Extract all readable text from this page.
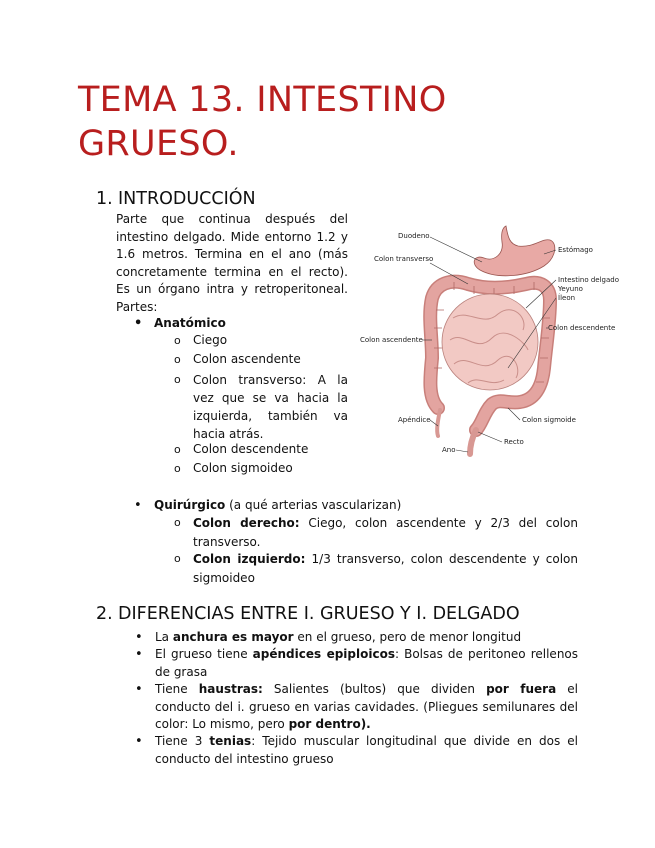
TEMA 13. INTESTINO GRUESO.
1. INTRODUCCIÓN
Parte que continua después del intestino delgado. Mide entorno 1.2 y 1.6 metros. Termina en el ano (más concretamente termina en el recto). Es un órgano intra y retroperitoneal. Partes:
• Anatómico
o Ciego
o Colon ascendente
o Colon transverso: A la vez que se va hacia la izquierda, también va hacia atrás.
o Colon descendente
o Colon sigmoideo
• Quirúrgico (a qué arterias vascularizan)
o Colon derecho: Ciego, colon ascendente y 2/3 del colon transverso.
o Colon izquierdo: 1/3 transverso, colon descendente y colon sigmoideo
2. DIFERENCIAS ENTRE I. GRUESO Y I. DELGADO
• La anchura es mayor en el grueso, pero de menor longitud
• El grueso tiene apéndices epiploicos: Bolsas de peritoneo rellenos de grasa
• Tiene haustras: Salientes (bultos) que dividen por fuera el conducto del i. grueso en varias cavidades. (Pliegues semilunares del color: Lo mismo, pero por dentro).
• Tiene 3 tenias: Tejido muscular longitudinal que divide en dos el conducto del intestino grueso
Duodeno
Estómago
Colon transverso
Intestino delgado
Yeyuno
Íleon
Colon descendente
Colon ascendente
Apéndice	Colon sigmoide
Recto
Ano
